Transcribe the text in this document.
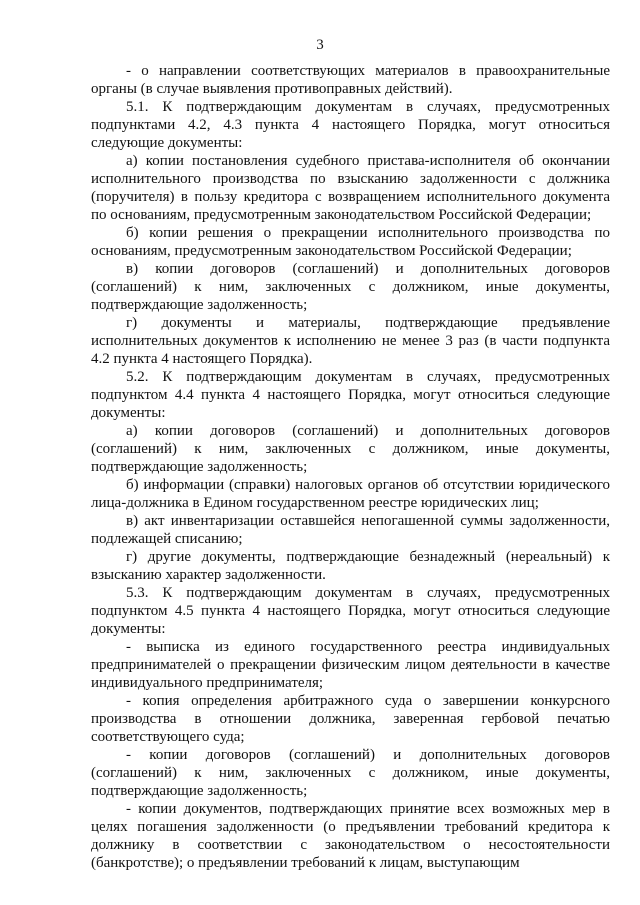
3

- о направлении соответствующих материалов в правоохранительные органы (в случае выявления противоправных действий).

5.1. К подтверждающим документам в случаях, предусмотренных подпунктами 4.2, 4.3 пункта 4 настоящего Порядка, могут относиться следующие документы:

а) копии постановления судебного пристава-исполнителя об окончании исполнительного производства по взысканию задолженности с должника (поручителя) в пользу кредитора с возвращением исполнительного документа по основаниям, предусмотренным законодательством Российской Федерации;

б) копии решения о прекращении исполнительного производства по основаниям, предусмотренным законодательством Российской Федерации;

в) копии договоров (соглашений) и дополнительных договоров (соглашений) к ним, заключенных с должником, иные документы, подтверждающие задолженность;

г) документы и материалы, подтверждающие предъявление исполнительных документов к исполнению не менее 3 раз (в части подпункта 4.2 пункта 4 настоящего Порядка).

5.2. К подтверждающим документам в случаях, предусмотренных подпунктом 4.4 пункта 4 настоящего Порядка, могут относиться следующие документы:

а) копии договоров (соглашений) и дополнительных договоров (соглашений) к ним, заключенных с должником, иные документы, подтверждающие задолженность;

б) информации (справки) налоговых органов об отсутствии юридического лица-должника в Едином государственном реестре юридических лиц;

в) акт инвентаризации оставшейся непогашенной суммы задолженности, подлежащей списанию;

г) другие документы, подтверждающие безнадежный (нереальный) к взысканию характер задолженности.

5.3. К подтверждающим документам в случаях, предусмотренных подпунктом 4.5 пункта 4 настоящего Порядка, могут относиться следующие документы:

- выписка из единого государственного реестра индивидуальных предпринимателей о прекращении физическим лицом деятельности в качестве индивидуального предпринимателя;

- копия определения арбитражного суда о завершении конкурсного производства в отношении должника, заверенная гербовой печатью соответствующего суда;

- копии договоров (соглашений) и дополнительных договоров (соглашений) к ним, заключенных с должником, иные документы, подтверждающие задолженность;

- копии документов, подтверждающих принятие всех возможных мер в целях погашения задолженности (о предъявлении требований кредитора к должнику в соответствии с законодательством о несостоятельности (банкротстве); о предъявлении требований к лицам, выступающим
